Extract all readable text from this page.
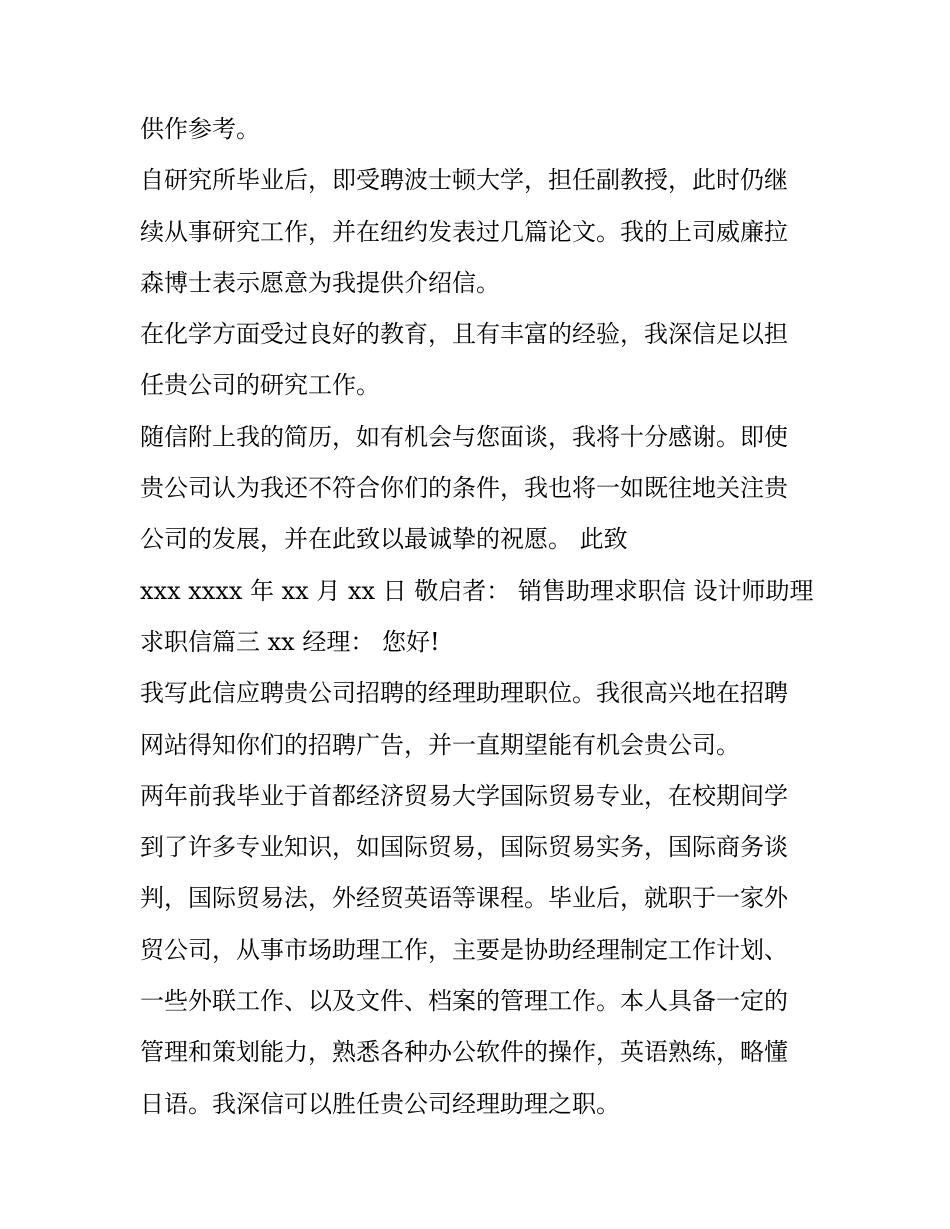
供作参考。
自研究所毕业后，即受聘波士顿大学，担任副教授，此时仍继
续从事研究工作，并在纽约发表过几篇论文。我的上司威廉拉
森博士表示愿意为我提供介绍信。
在化学方面受过良好的教育，且有丰富的经验，我深信足以担
任贵公司的研究工作。
随信附上我的简历，如有机会与您面谈，我将十分感谢。即使
贵公司认为我还不符合你们的条件，我也将一如既往地关注贵
公司的发展，并在此致以最诚挚的祝愿。 此致
xxx xxxx 年 xx 月 xx 日 敬启者： 销售助理求职信 设计师助理
求职信篇三 xx 经理： 您好!
我写此信应聘贵公司招聘的经理助理职位。我很高兴地在招聘
网站得知你们的招聘广告，并一直期望能有机会贵公司。
两年前我毕业于首都经济贸易大学国际贸易专业，在校期间学
到了许多专业知识，如国际贸易，国际贸易实务，国际商务谈
判，国际贸易法，外经贸英语等课程。毕业后，就职于一家外
贸公司，从事市场助理工作，主要是协助经理制定工作计划、
一些外联工作、以及文件、档案的管理工作。本人具备一定的
管理和策划能力，熟悉各种办公软件的操作，英语熟练，略懂
日语。我深信可以胜任贵公司经理助理之职。
